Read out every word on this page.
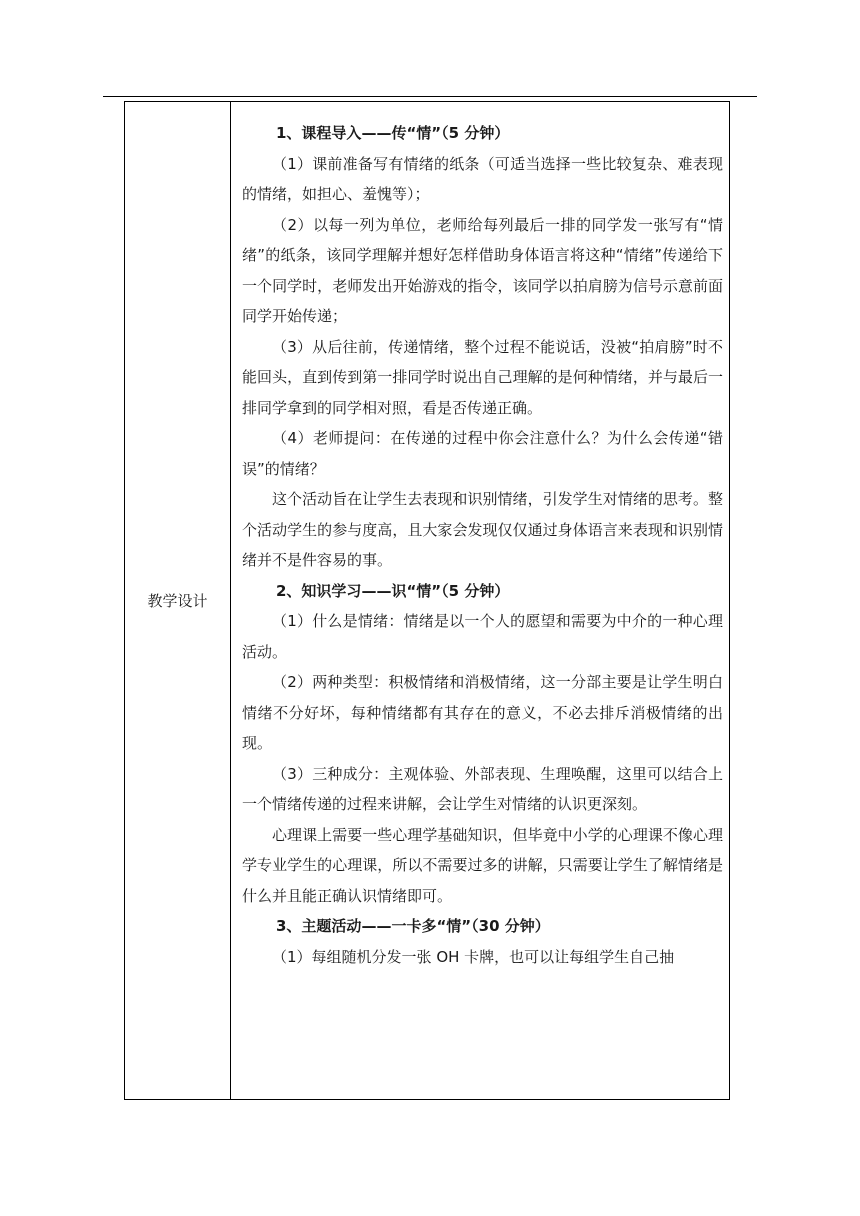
教学设计

1、课程导入——传“情”（5 分钟）

（1）课前准备写有情绪的纸条（可适当选择一些比较复杂、难表现的情绪，如担心、羞愧等）；

（2）以每一列为单位，老师给每列最后一排的同学发一张写有“情绪”的纸条，该同学理解并想好怎样借助身体语言将这种“情绪”传递给下一个同学时，老师发出开始游戏的指令，该同学以拍肩膀为信号示意前面同学开始传递；

（3）从后往前，传递情绪，整个过程不能说话，没被“拍肩膀”时不能回头，直到传到第一排同学时说出自己理解的是何种情绪，并与最后一排同学拿到的同学相对照，看是否传递正确。

（4）老师提问：在传递的过程中你会注意什么？为什么会传递“错误”的情绪？

这个活动旨在让学生去表现和识别情绪，引发学生对情绪的思考。整个活动学生的参与度高，且大家会发现仅仅通过身体语言来表现和识别情绪并不是件容易的事。

2、知识学习——识“情”（5 分钟）

（1）什么是情绪：情绪是以一个人的愿望和需要为中介的一种心理活动。

（2）两种类型：积极情绪和消极情绪，这一分部主要是让学生明白情绪不分好坏，每种情绪都有其存在的意义，不必去排斥消极情绪的出现。

（3）三种成分：主观体验、外部表现、生理唤醒，这里可以结合上一个情绪传递的过程来讲解，会让学生对情绪的认识更深刻。

心理课上需要一些心理学基础知识，但毕竟中小学的心理课不像心理学专业学生的心理课，所以不需要过多的讲解，只需要让学生了解情绪是什么并且能正确认识情绪即可。

3、主题活动——一卡多“情”（30 分钟）

（1）每组随机分发一张 OH 卡牌，也可以让每组学生自己抽
